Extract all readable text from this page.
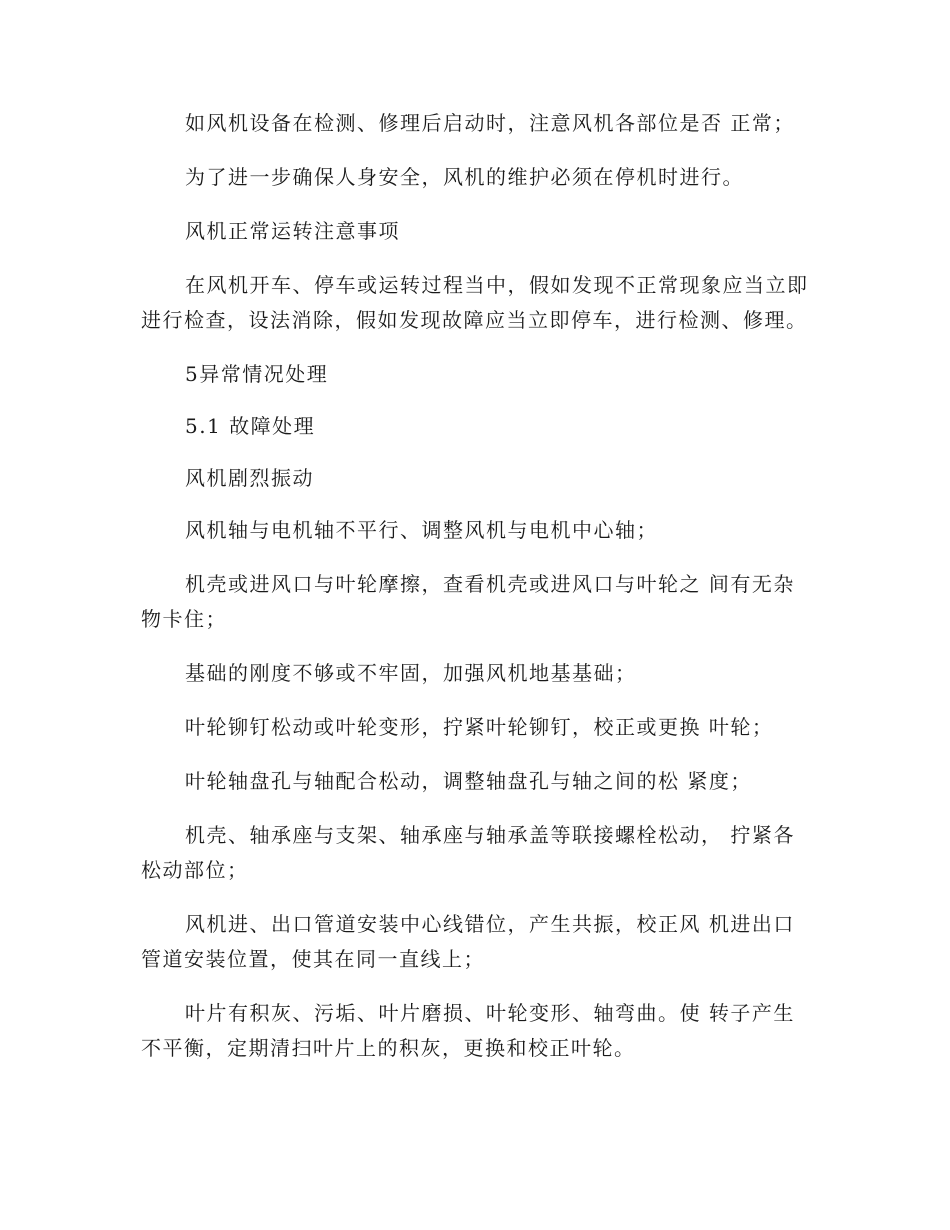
如风机设备在检测、修理后启动时，注意风机各部位是否 正常；

为了进一步确保人身安全，风机的维护必须在停机时进行。

风机正常运转注意事项

在风机开车、停车或运转过程当中，假如发现不正常现象应当立即 进行检查，设法消除，假如发现故障应当立即停车，进行检测、修理。

5异常情况处理

5.1 故障处理

风机剧烈振动

风机轴与电机轴不平行、调整风机与电机中心轴；

机壳或进风口与叶轮摩擦，查看机壳或进风口与叶轮之 间有无杂物卡住；

基础的刚度不够或不牢固，加强风机地基基础；

叶轮铆钉松动或叶轮变形，拧紧叶轮铆钉，校正或更换 叶轮；

叶轮轴盘孔与轴配合松动，调整轴盘孔与轴之间的松 紧度；

机壳、轴承座与支架、轴承座与轴承盖等联接螺栓松动， 拧紧各松动部位；

风机进、出口管道安装中心线错位，产生共振，校正风 机进出口管道安装位置，使其在同一直线上；

叶片有积灰、污垢、叶片磨损、叶轮变形、轴弯曲。使 转子产生不平衡，定期清扫叶片上的积灰，更换和校正叶轮。
